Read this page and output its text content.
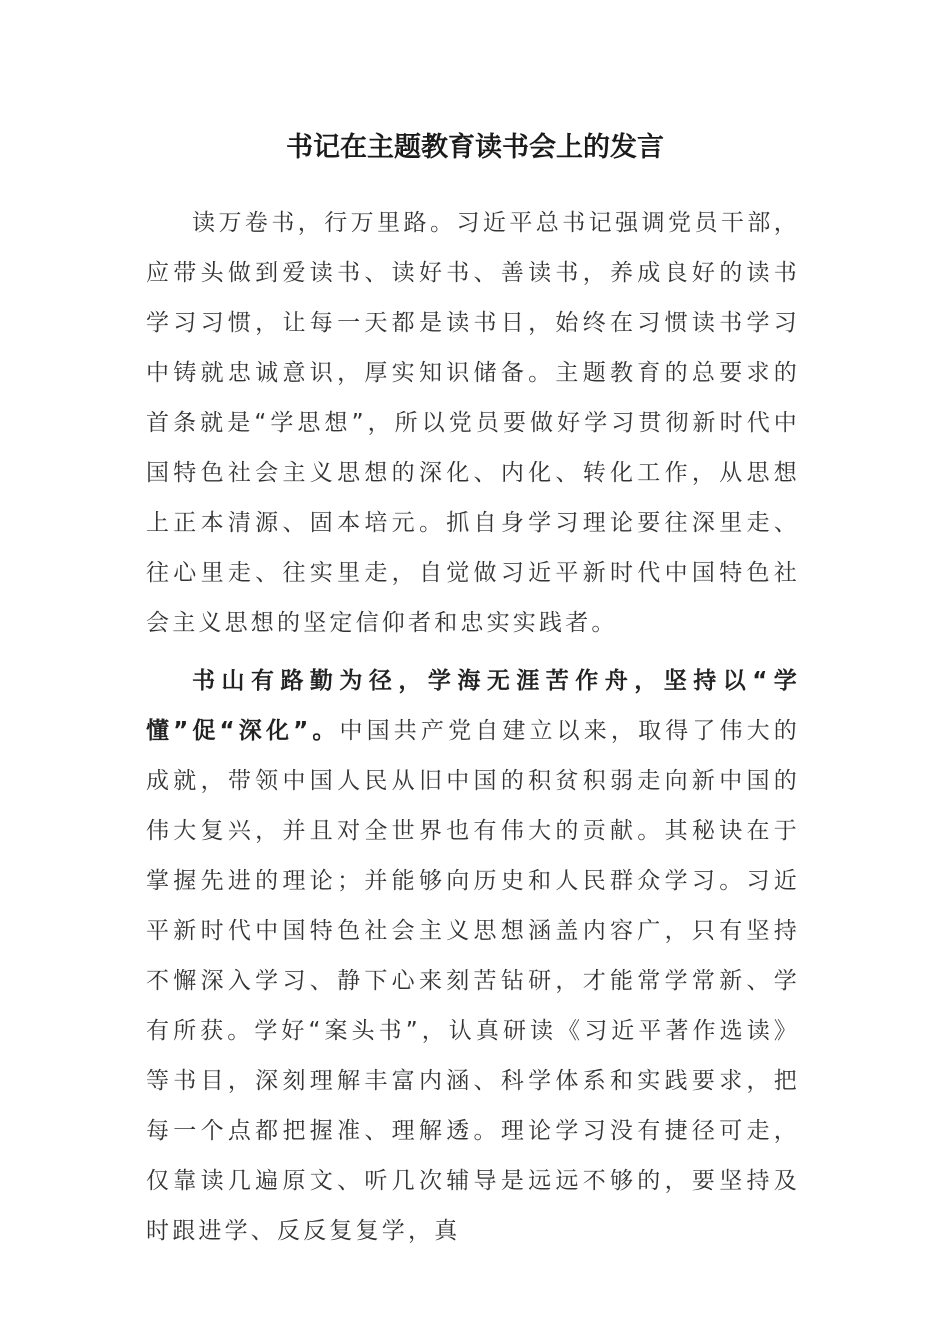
书记在主题教育读书会上的发言

读万卷书，行万里路。习近平总书记强调党员干部，应带头做到爱读书、读好书、善读书，养成良好的读书学习习惯，让每一天都是读书日，始终在习惯读书学习中铸就忠诚意识，厚实知识储备。主题教育的总要求的首条就是“学思想”，所以党员要做好学习贯彻新时代中国特色社会主义思想的深化、内化、转化工作，从思想上正本清源、固本培元。抓自身学习理论要往深里走、往心里走、往实里走，自觉做习近平新时代中国特色社会主义思想的坚定信仰者和忠实实践者。

书山有路勤为径，学海无涯苦作舟，坚持以“学懂”促“深化”。中国共产党自建立以来，取得了伟大的成就，带领中国人民从旧中国的积贫积弱走向新中国的伟大复兴，并且对全世界也有伟大的贡献。其秘诀在于掌握先进的理论；并能够向历史和人民群众学习。习近平新时代中国特色社会主义思想涵盖内容广，只有坚持不懈深入学习、静下心来刻苦钻研，才能常学常新、学有所获。学好“案头书”，认真研读《习近平著作选读》等书目，深刻理解丰富内涵、科学体系和实践要求，把每一个点都把握准、理解透。理论学习没有捷径可走，仅靠读几遍原文、听几次辅导是远远不够的，要坚持及时跟进学、反反复复学，真
